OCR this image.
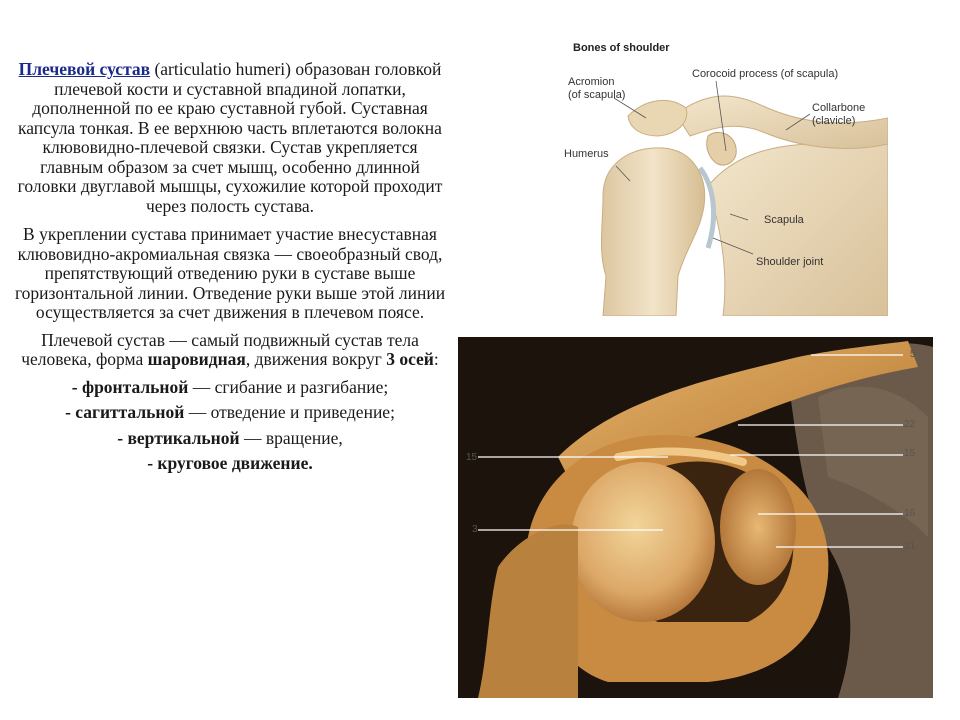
Плечевой сустав (articulatio humeri) образован головкой плечевой кости и суставной впадиной лопатки, дополненной по ее краю суставной губой. Суставная капсула тонкая. В ее верхнюю часть вплетаются волокна клювовидно-плечевой связки. Сустав укрепляется главным образом за счет мышц, особенно длинной головки двуглавой мышцы, сухожилие которой проходит через полость сустава.

В укреплении сустава принимает участие внесуставная клювовидно-акромиальная связка — своеобразный свод, препятствующий отведению руки в суставе выше горизонтальной линии. Отведение руки выше этой линии осуществляется за счет движения в плечевом поясе.

Плечевой сустав — самый подвижный сустав тела человека, форма шаровидная, движения вокруг 3 осей:

- фронтальной — сгибание и разгибание;

- сагиттальной — отведение и приведение;

- вертикальной — вращение,

- круговое движение.

Bones of shoulder
Acromion
(of scapula)
Corocoid process (of scapula)
Collarbone
(clavicle)
Humerus
Scapula
Shoulder joint
5
22
15
15
3
16
21
